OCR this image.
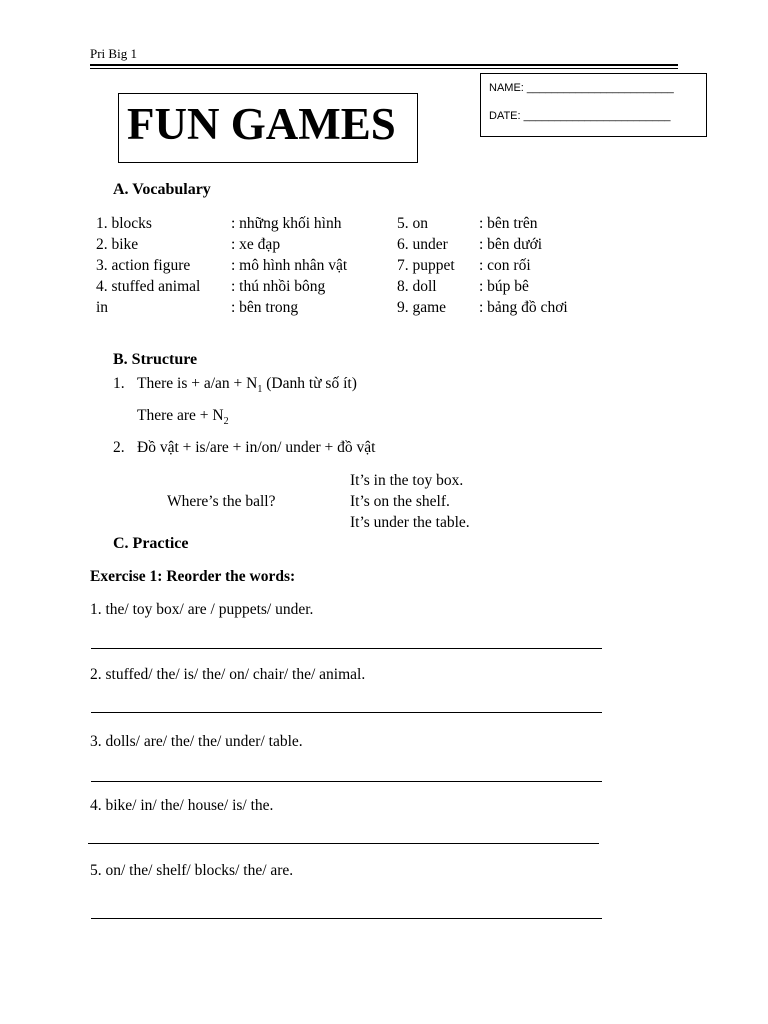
Pri Big 1
NAME: ________________________
DATE: ________________________
FUN GAMES
A. Vocabulary
1. blocks	: những khối hình	5. on	: bên trên
2. bike	: xe đạp	6. under : bên dưới
3. action figure	: mô hình nhân vật	7. puppet : con rối
4. stuffed animal : thú nhồi bông	8. doll	: búp bê
in	: bên trong	9. game : bảng đồ chơi
B. Structure
1. There is + $a/an + N_1$ (Danh từ số ít)
There are + $N_2$
2. Đồ vật + is/are + in/on/ under + đồ vật
Where’s the ball?
It’s in the toy box.
It’s on the shelf.
It’s under the table.
C. Practice
Exercise 1: Reorder the words:
1. the/ toy box/ are / puppets/ under.
2. stuffed/ the/ is/ the/ on/ chair/ the/ animal.
3. dolls/ are/ the/ the/ under/ table.
4. bike/ in/ the/ house/ is/ the.
5. on/ the/ shelf/ blocks/ the/ are.
